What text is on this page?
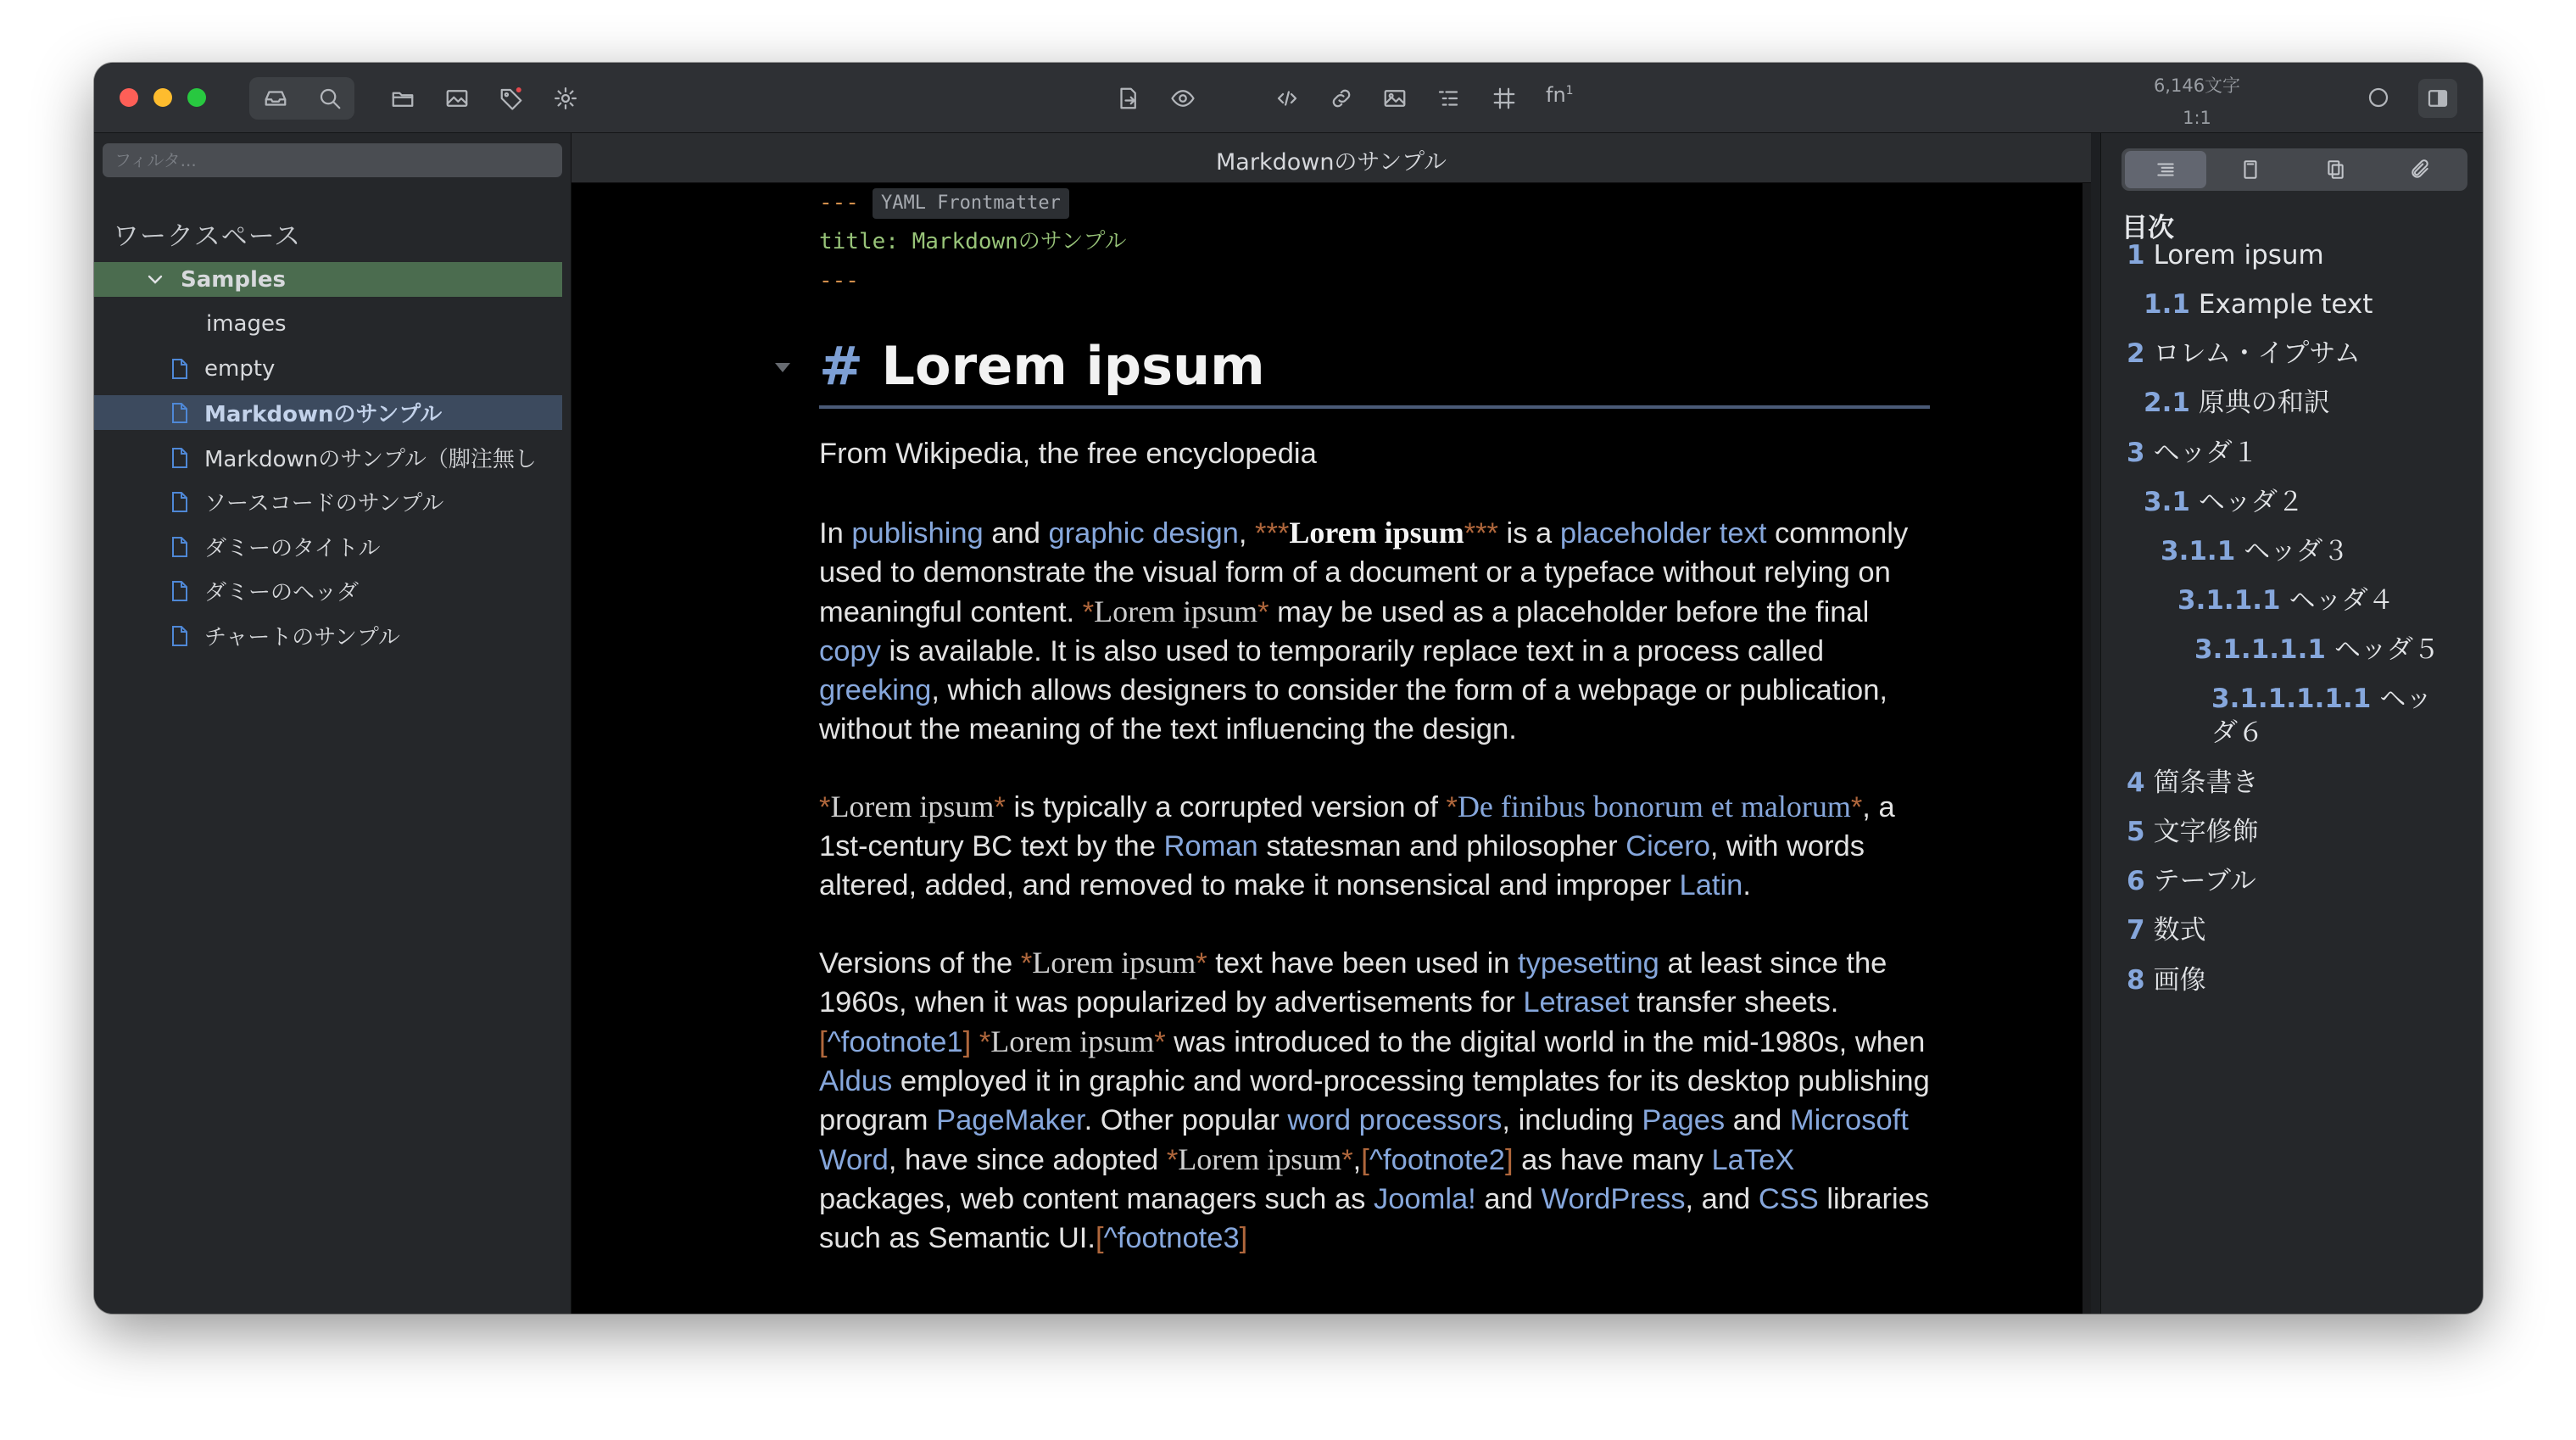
$fn^1$	6,146文字
1:1
フィルタ...
ワークスペース
Samples
images
empty
Markdownのサンプル
Markdownのサンプル（脚注無し
ソースコードのサンプル
ダミーのタイトル
ダミーのヘッダ
チャートのサンプル
Markdownのサンプル
--- YAML Frontmatter
title: Markdownのサンプル
---
# Lorem ipsum

From Wikipedia, the free encyclopedia

In publishing and graphic design, ***Lorem ipsum*** is a placeholder text commonly used to demonstrate the visual form of a document or a typeface without relying on meaningful content. *Lorem ipsum* may be used as a placeholder before the final copy is available. It is also used to temporarily replace text in a process called greeking, which allows designers to consider the form of a webpage or publication, without the meaning of the text influencing the design.

*Lorem ipsum* is typically a corrupted version of *De finibus bonorum et malorum*, a 1st-century BC text by the Roman statesman and philosopher Cicero, with words altered, added, and removed to make it nonsensical and improper Latin.

Versions of the *Lorem ipsum* text have been used in typesetting at least since the 1960s, when it was popularized by advertisements for Letraset transfer sheets. [^footnote1] *Lorem ipsum* was introduced to the digital world in the mid-1980s, when Aldus employed it in graphic and word-processing templates for its desktop publishing program PageMaker. Other popular word processors, including Pages and Microsoft Word, have since adopted *Lorem ipsum*,[^footnote2] as have many LaTeX packages, web content managers such as Joomla! and WordPress, and CSS libraries such as Semantic UI.[^footnote3]

目次
1 Lorem ipsum
1.1 Example text
2 ロレム・イプサム
2.1 原典の和訳
3 ヘッダ１
3.1 ヘッダ２
3.1.1 ヘッダ３
3.1.1.1 ヘッダ４
3.1.1.1.1 ヘッダ５
3.1.1.1.1.1 ヘッダ６
4 箇条書き
5 文字修飾
6 テーブル
7 数式
8 画像
